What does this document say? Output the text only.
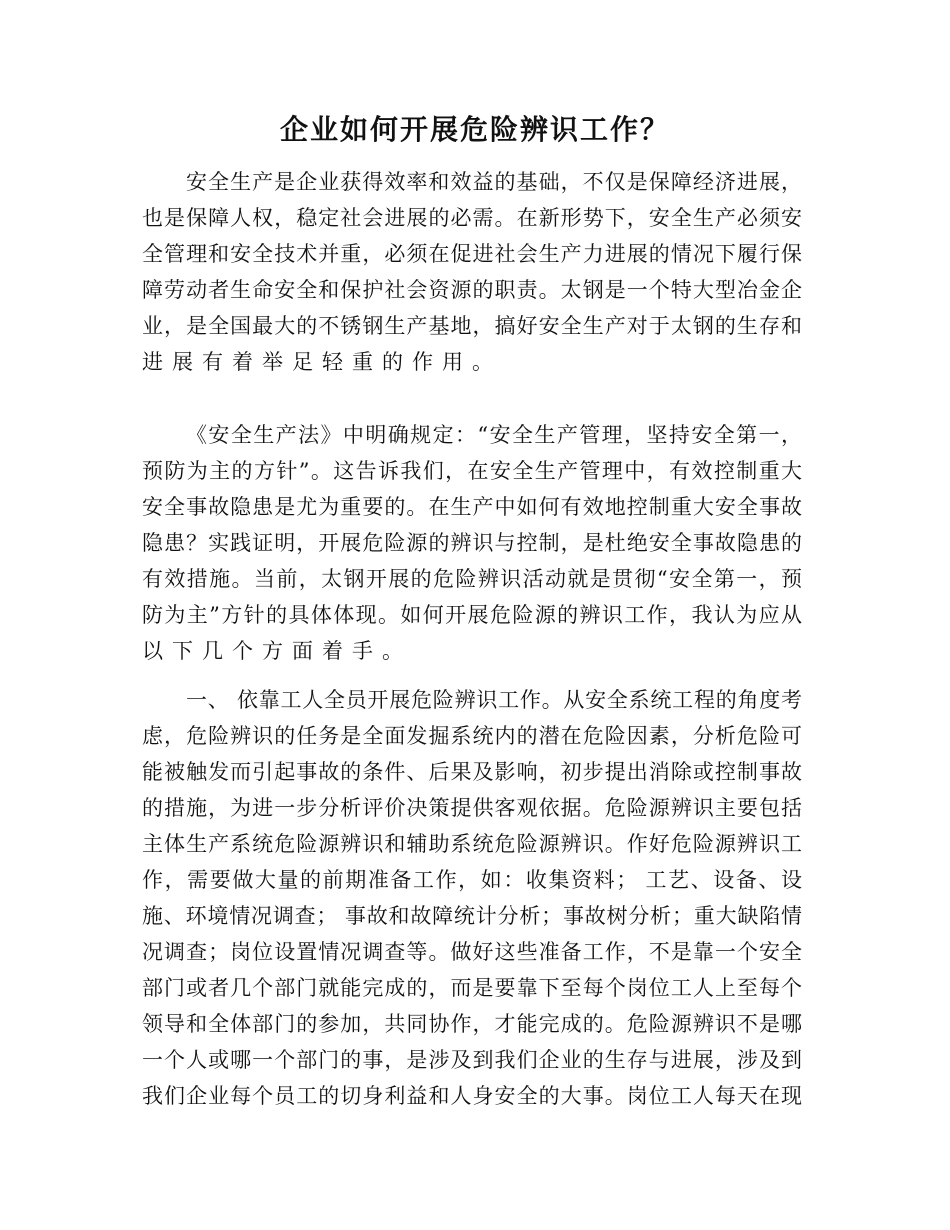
企业如何开展危险辨识工作？
安全生产是企业获得效率和效益的基础，不仅是保障经济进展，
也是保障人权，稳定社会进展的必需。在新形势下，安全生产必须安
全管理和安全技术并重，必须在促进社会生产力进展的情况下履行保
障劳动者生命安全和保护社会资源的职责。太钢是一个特大型冶金企
业，是全国最大的不锈钢生产基地，搞好安全生产对于太钢的生存和
进展有着举足轻重的作用。
《安全生产法》中明确规定：“安全生产管理，坚持安全第一，
预防为主的方针”。这告诉我们，在安全生产管理中，有效控制重大
安全事故隐患是尤为重要的。在生产中如何有效地控制重大安全事故
隐患？实践证明，开展危险源的辨识与控制，是杜绝安全事故隐患的
有效措施。当前，太钢开展的危险辨识活动就是贯彻“安全第一，预
防为主”方针的具体体现。如何开展危险源的辨识工作，我认为应从
以下几个方面着手。
一、 依靠工人全员开展危险辨识工作。从安全系统工程的角度考
虑，危险辨识的任务是全面发掘系统内的潜在危险因素，分析危险可
能被触发而引起事故的条件、后果及影响，初步提出消除或控制事故
的措施，为进一步分析评价决策提供客观依据。危险源辨识主要包括
主体生产系统危险源辨识和辅助系统危险源辨识。作好危险源辨识工
作，需要做大量的前期准备工作，如：收集资料； 工艺、设备、设
施、环境情况调查； 事故和故障统计分析；事故树分析；重大缺陷情
况调查；岗位设置情况调查等。做好这些准备工作，不是靠一个安全
部门或者几个部门就能完成的，而是要靠下至每个岗位工人上至每个
领导和全体部门的参加，共同协作，才能完成的。危险源辨识不是哪
一个人或哪一个部门的事，是涉及到我们企业的生存与进展，涉及到
我们企业每个员工的切身利益和人身安全的大事。岗位工人每天在现
